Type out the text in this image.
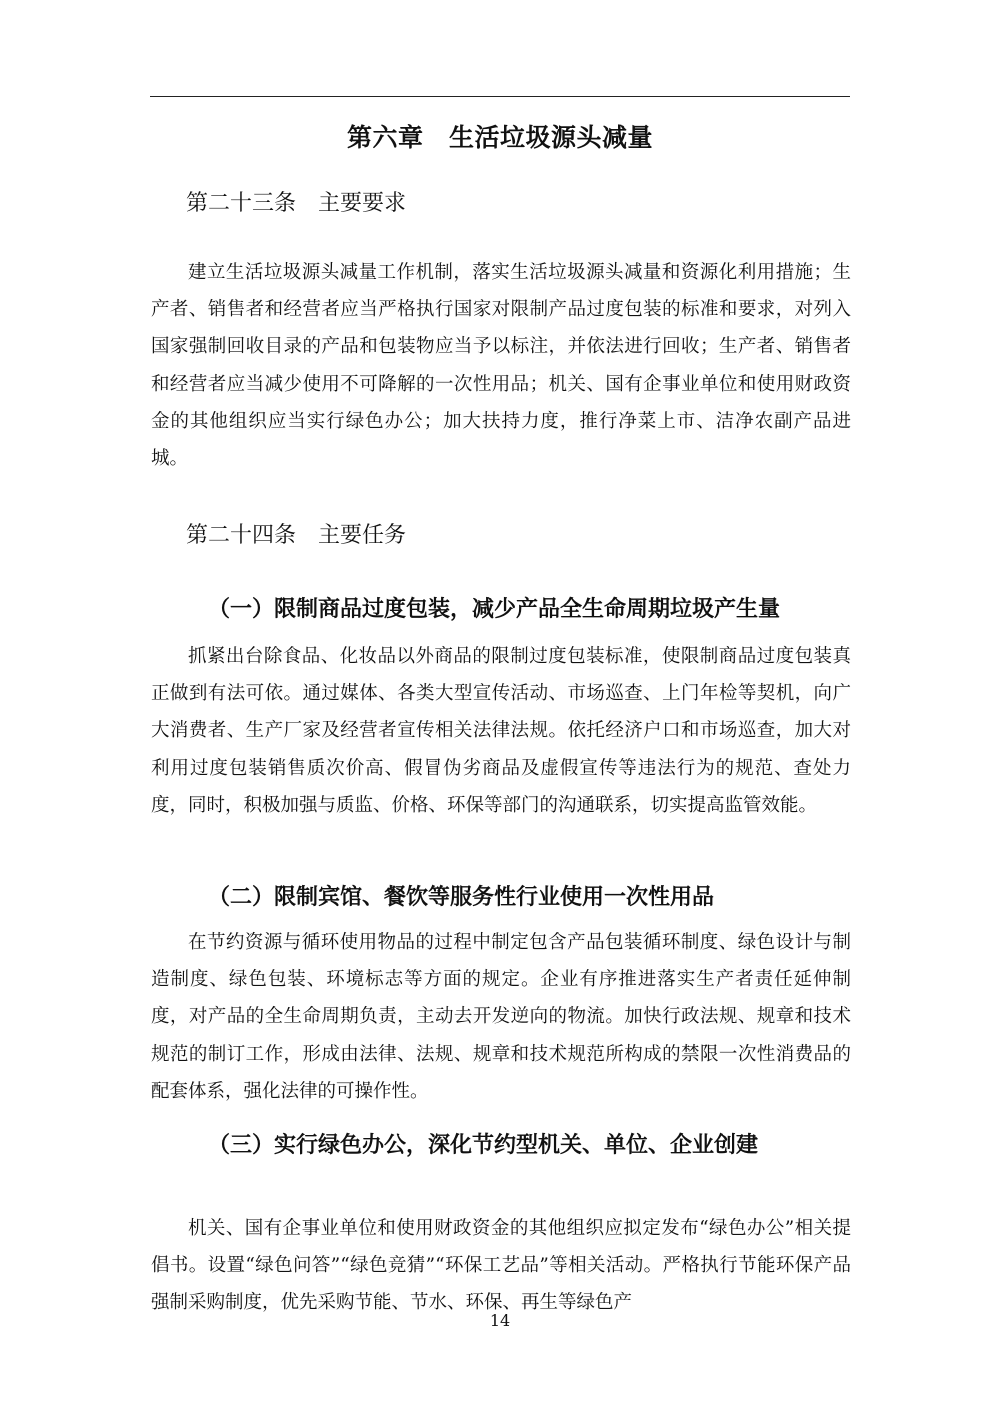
第六章　生活垃圾源头减量
第二十三条　主要要求

建立生活垃圾源头减量工作机制，落实生活垃圾源头减量和资源化利用措施；生产者、销售者和经营者应当严格执行国家对限制产品过度包装的标准和要求，对列入国家强制回收目录的产品和包装物应当予以标注，并依法进行回收；生产者、销售者和经营者应当减少使用不可降解的一次性用品；机关、国有企事业单位和使用财政资金的其他组织应当实行绿色办公；加大扶持力度，推行净菜上市、洁净农副产品进城。

第二十四条　主要任务
（一）限制商品过度包装，减少产品全生命周期垃圾产生量

抓紧出台除食品、化妆品以外商品的限制过度包装标准，使限制商品过度包装真正做到有法可依。通过媒体、各类大型宣传活动、市场巡查、上门年检等契机，向广大消费者、生产厂家及经营者宣传相关法律法规。依托经济户口和市场巡查，加大对利用过度包装销售质次价高、假冒伪劣商品及虚假宣传等违法行为的规范、查处力度，同时，积极加强与质监、价格、环保等部门的沟通联系，切实提高监管效能。

（二）限制宾馆、餐饮等服务性行业使用一次性用品

在节约资源与循环使用物品的过程中制定包含产品包装循环制度、绿色设计与制造制度、绿色包装、环境标志等方面的规定。企业有序推进落实生产者责任延伸制度，对产品的全生命周期负责，主动去开发逆向的物流。加快行政法规、规章和技术规范的制订工作，形成由法律、法规、规章和技术规范所构成的禁限一次性消费品的配套体系，强化法律的可操作性。

（三）实行绿色办公，深化节约型机关、单位、企业创建

机关、国有企事业单位和使用财政资金的其他组织应拟定发布“绿色办公”相关提倡书。设置“绿色问答”“绿色竞猜”“环保工艺品”等相关活动。严格执行节能环保产品强制采购制度，优先采购节能、节水、环保、再生等绿色产

14
